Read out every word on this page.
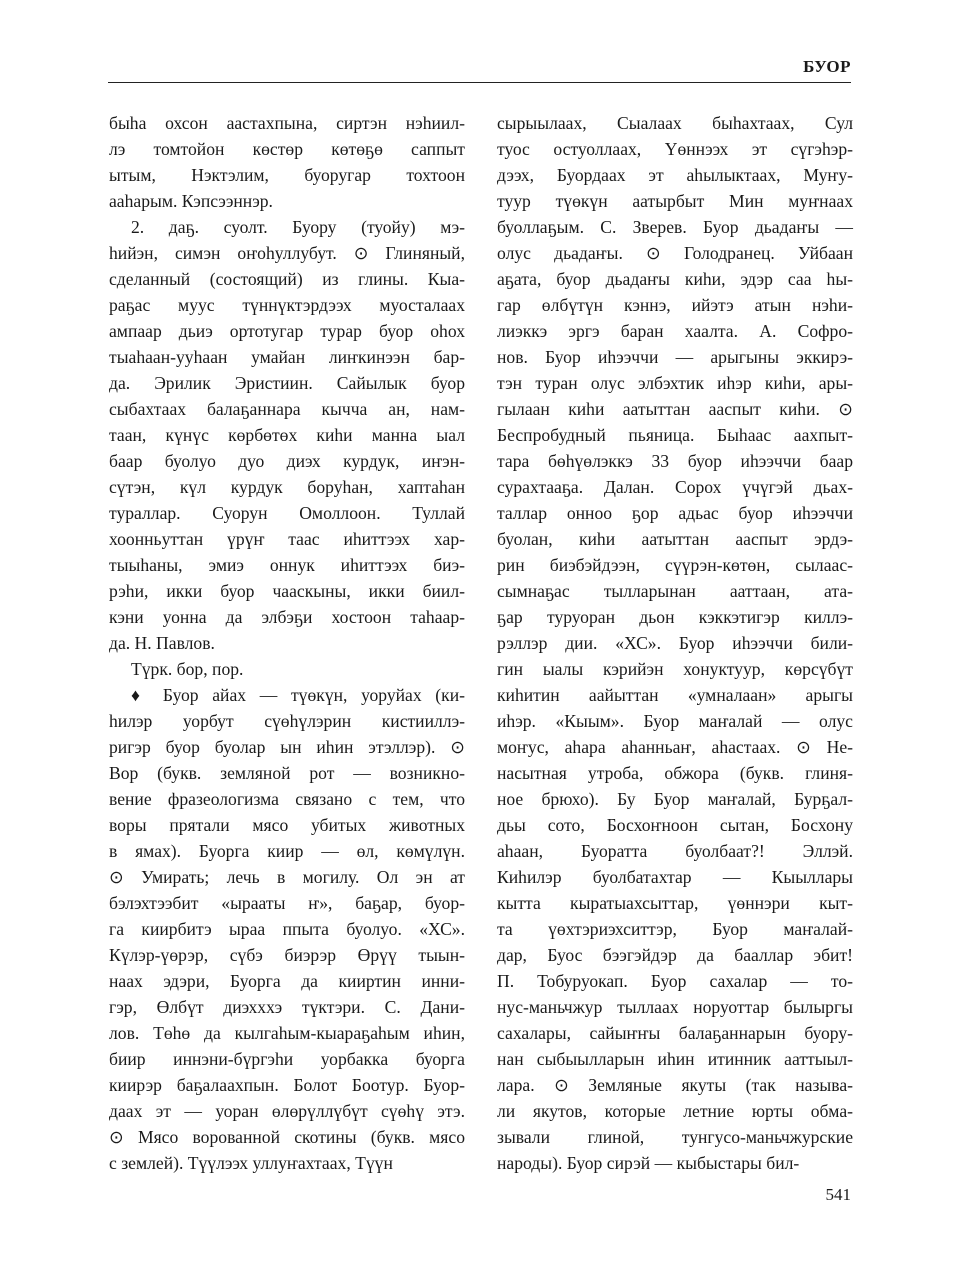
БУОР
быһа охсон аастахпына, сиртэн нэһиил-
лэ томтойон көстөр көтөҕө саппыт
ытым, Нэктэлим, буоругар тохтоон
ааһарым. Кэпсээннэр.
2. даҕ. суолт. Буору (туойу) мэ-
һийэн, симэн оҥоһуллубут. ⊙ Глиняный,
сделанный (состоящий) из глины. Кыа-
раҕас муус түннүктэрдээх муосталаах
ампаар дьиэ ортотугар турар буор оһох
тыаһаан-ууһаан умайан лиҥкинээн бар-
да. Эрилик Эристиин. Сайылык буор
сыбахтаах балаҕаннара кычча ан, нам-
таан, күнүс көрбөтөх киһи манна ыал
баар буолуо дуо диэх курдук, иҥэн-
сүтэн, күл курдук боруһан, хаптаһан
тураллар. Суорун Омоллоон. Туллай
хоонньуттан үрүҥ таас иһиттээх хар-
тыыһаны, эмиэ оннук иһиттээх биэ-
рэһи, икки буор чааскыны, икки биил-
кэни уонна да элбэҕи хостоон таһаар-
да. Н. Павлов.
Түрк. бор, пор.
♦ Буор айах — түөкүн, уоруйах (ки-
һилэр уорбут сүөһүлэрин кистииллэ-
ригэр буор буолар ын иһин этэллэр). ⊙
Вор (букв. земляной рот — возникно-
вение фразеологизма связано с тем, что
воры прятали мясо убитых животных
в ямах). Буорга киир — өл, көмүлүн.
⊙ Умирать; лечь в могилу. Ол эн ат
бэлэхтээбит «ырааты ҥ», баҕар, буор-
га киирбитэ ыраа ппыта буолуо. «ХС».
Күлэр-үөрэр, сүбэ биэрэр Өрүү тыын-
наах эдэри, Буорга да кииртин инни-
гэр, Өлбүт диэхххэ түктэри. С. Дани-
лов. Төһө да кылгаһым-кыараҕаһым иһин,
биир иннэни-бүргэһи уорбакка буорга
киирэр баҕалаахпын. Болот Боотур. Буор-
даах эт — уоран өлөрүллүбүт сүөһү этэ.
⊙ Мясо ворованной скотины (букв. мясо
с землей). Түүлээх уллуҥахтаах, Түүн
сырыылаах, Сыалаах быһахтаах, Сул
туос остуоллаах, Үөннээх эт сүгэһэр-
дээх, Буордаах эт аһылыктаах, Муҥу-
туур түөкүн аатырбыт Мин муҥнаах
буоллаҕым. С. Зверев. Буор дьадаҥы —
олус дьадаҥы. ⊙ Голодранец. Уйбаан
аҕата, буор дьадаҥы киһи, эдэр саа һы-
гар өлбүтүн кэннэ, ийэтэ атын нэһи-
лиэккэ эргэ баран хаалта. А. Софро-
нов. Буор иһээччи — арыгыны эккирэ-
тэн туран олус элбэхтик иһэр киһи, ары-
гылаан киһи аатыттан ааспыт киһи. ⊙
Беспробудный пьяница. Быһаас аахпыт-
тара бөһүөлэккэ 33 буор иһээччи баар
сурахтааҕа. Далан. Сорох үчүгэй дьах-
таллар онноо ҕор адьас буор иһээччи
буолан, киһи аатыттан ааспыт эрдэ-
рин биэбэйдээн, сүүрэн-көтөн, сылаас-
сымнаҕас тылларынан ааттаан, ата-
ҕар туруоран дьон кэккэтигэр киллэ-
рэллэр дии. «ХС». Буор иһээччи били-
гин ыалы кэрийэн хонуктуур, көрсүбүт
киһитин аайыттан «умналаан» арыгы
иһэр. «Кыым». Буор маҥалай — олус
моҥус, аһара аһанньаҥ, аһастаах. ⊙ Не-
насытная утроба, обжора (букв. глиня-
ное брюхо). Бу Буор маҥалай, Бурҕал-
дьы сото, Босхоҥноон сытан, Босхону
аһаан, Буоратта буолбаат?! Эллэй.
Киһилэр буолбатахтар — Кыыллары
кытта кыратыахсыттар, үөннэри кыт-
та үөхтэриэхситтэр, Буор маҥалай-
дар, Буос бээгэйдэр да бааллар эбит!
П. Тобуруокап. Буор сахалар — то-
нус-маньчжур тыллаах норуоттар былыргы
сахалары, сайыҥҥы балаҕаннарын буору-
нан сыбыылларын иһин итинник ааттыыл-
лара. ⊙ Земляные якуты (так называ-
ли якутов, которые летние юрты обма-
зывали глиной, тунгусо-маньчжурские
народы). Буор сирэй — кыбыстары бил-
541
